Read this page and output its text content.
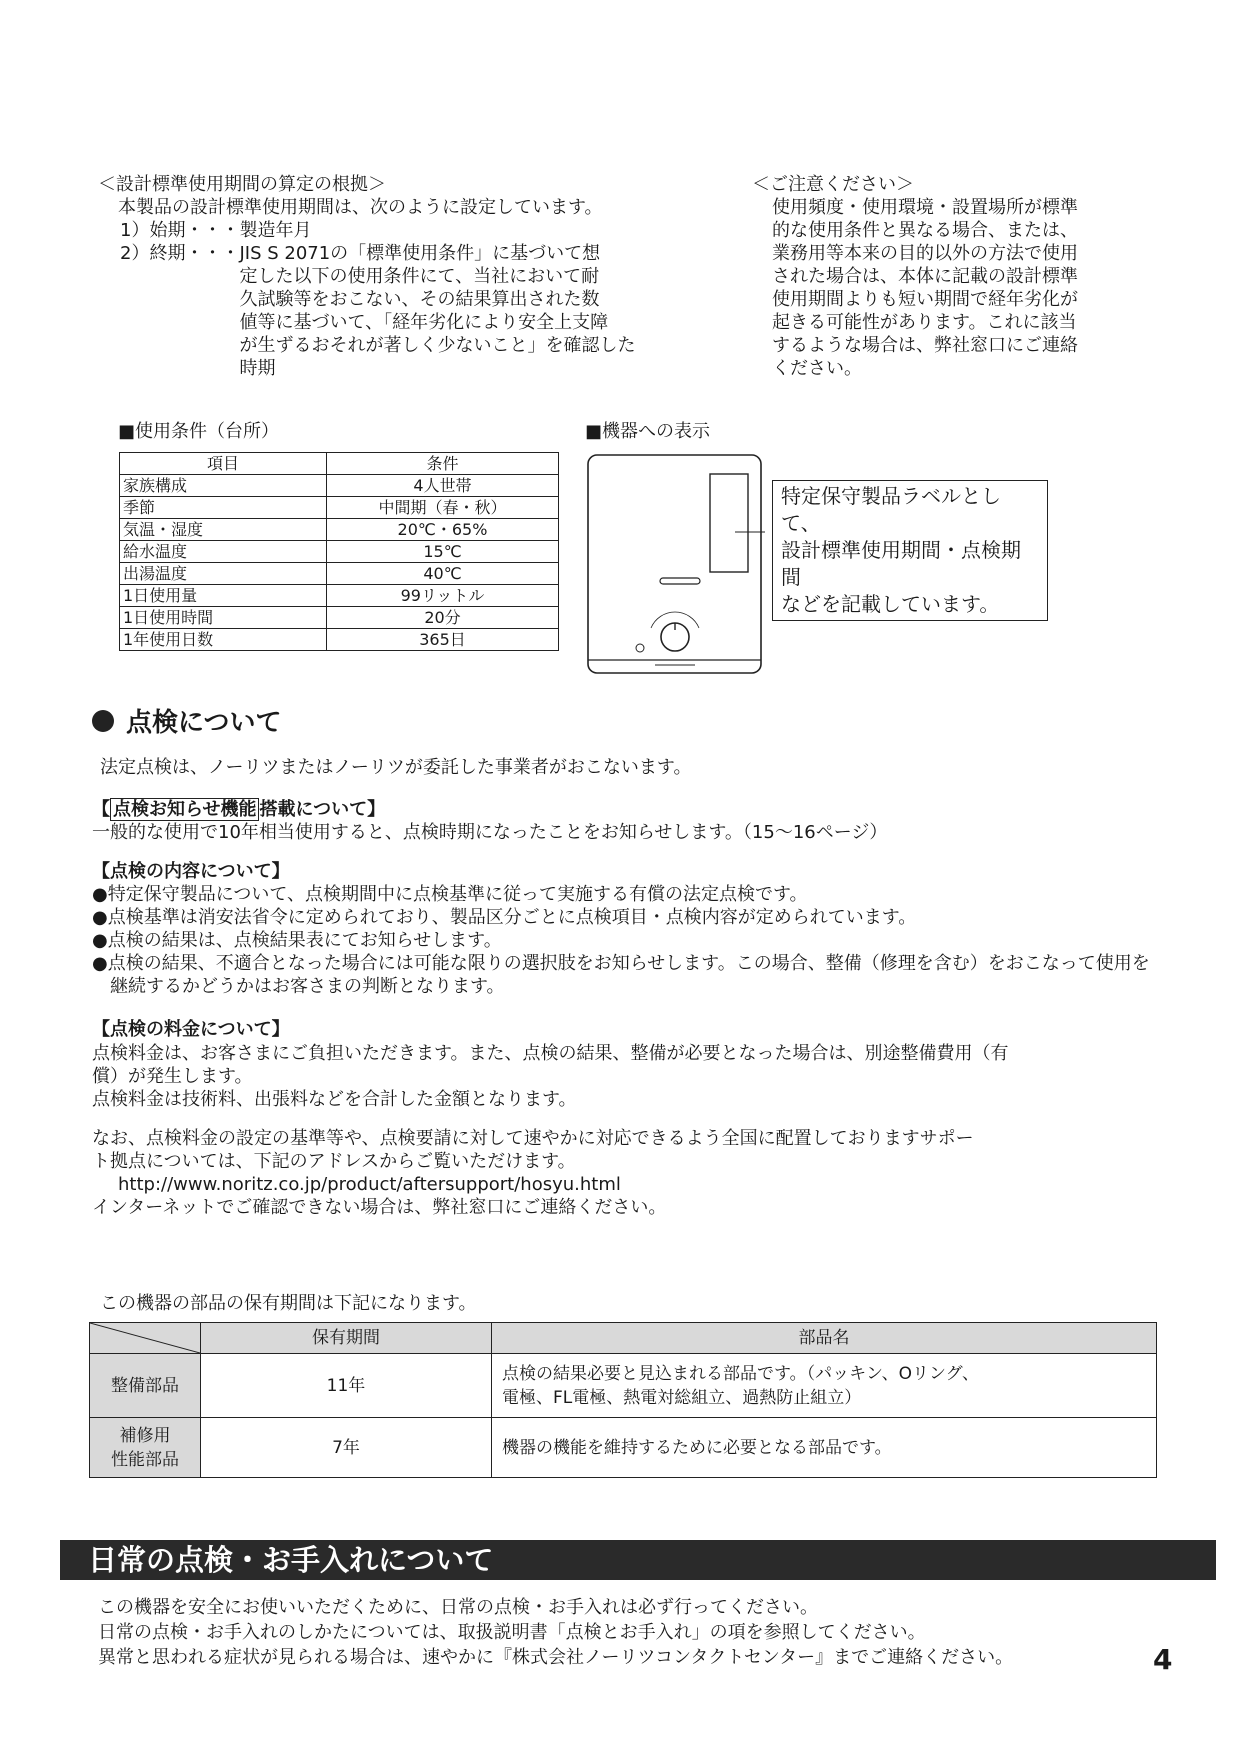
＜設計標準使用期間の算定の根拠＞
本製品の設計標準使用期間は、次のように設定しています。
1）始期・・・製造年月
2）終期・・・ JIS S 2071の「標準使用条件」に基づいて想
定した以下の使用条件にて、当社において耐
久試験等をおこない、その結果算出された数
値等に基づいて、「経年劣化により安全上支障
が生ずるおそれが著しく少ないこと」を確認した
時期
＜ご注意ください＞
使用頻度・使用環境・設置場所が標準
的な使用条件と異なる場合、または、
業務用等本来の目的以外の方法で使用
された場合は、本体に記載の設計標準
使用期間よりも短い期間で経年劣化が
起きる可能性があります。これに該当
するような場合は、弊社窓口にご連絡
ください。
■使用条件（台所）
項目	条件
家族構成	4人世帯
季節	中間期（春・秋）
気温・湿度	20℃・65%
給水温度	15℃
出湯温度	40℃
1日使用量	99リットル
1日使用時間	20分
1年使用日数	365日
■機器への表示
特定保守製品ラベルとして、
設計標準使用期間・点検期間
などを記載しています。
点検について
法定点検は、ノーリツまたはノーリツが委託した事業者がおこないます。
【 点検お知らせ機能 搭載について】
一般的な使用で10年相当使用すると、点検時期になったことをお知らせします。（15～16ページ）
【点検の内容について】
●特定保守製品について、点検期間中に点検基準に従って実施する有償の法定点検です。
●点検基準は消安法省令に定められており、製品区分ごとに点検項目・点検内容が定められています。
●点検の結果は、点検結果表にてお知らせします。
●点検の結果、不適合となった場合には可能な限りの選択肢をお知らせします。この場合、整備（修理を含む）をおこなって使用を継続するかどうかはお客さまの判断となります。
【点検の料金について】
点検料金は、お客さまにご負担いただきます。また、点検の結果、整備が必要となった場合は、別途整備費用（有
償）が発生します。
点検料金は技術料、出張料などを合計した金額となります。
なお、点検料金の設定の基準等や、点検要請に対して速やかに対応できるよう全国に配置しておりますサポー
ト拠点については、下記のアドレスからご覧いただけます。
http://www.noritz.co.jp/product/aftersupport/hosyu.html
インターネットでご確認できない場合は、弊社窓口にご連絡ください。
この機器の部品の保有期間は下記になります。
	保有期間	部品名
整備部品	11年	点検の結果必要と見込まれる部品です。（パッキン、Oリング、
電極、FL電極、熱電対総組立、過熱防止組立）

補修用
性能部品	7年	機器の機能を維持するために必要となる部品です。
日常の点検・お手入れについて
この機器を安全にお使いいただくために、日常の点検・お手入れは必ず行ってください。
日常の点検・お手入れのしかたについては、取扱説明書「点検とお手入れ」の項を参照してください。
異常と思われる症状が見られる場合は、速やかに『株式会社ノーリツコンタクトセンター』までご連絡ください。	4
